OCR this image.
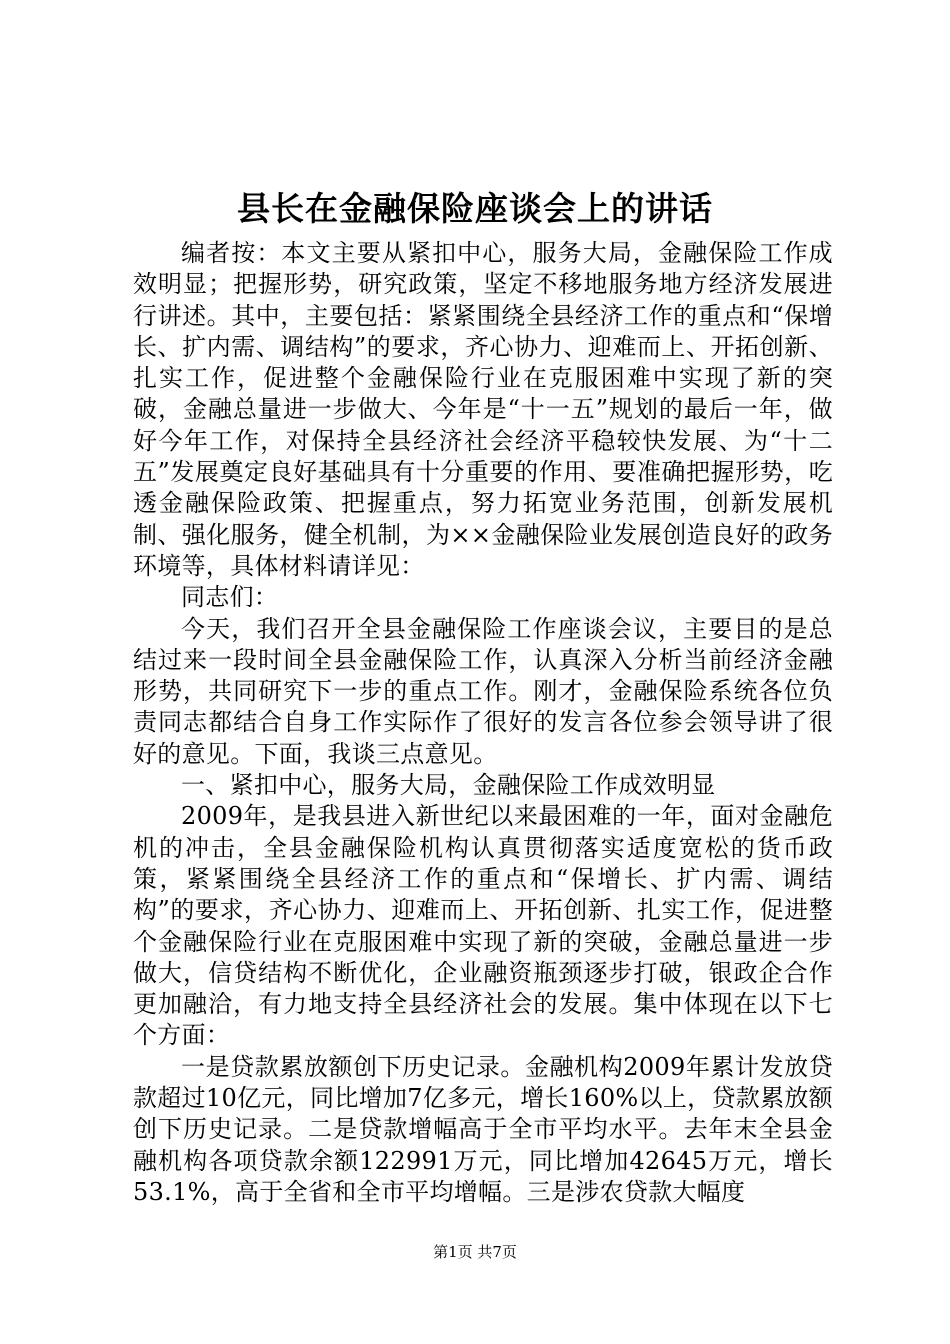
县长在金融保险座谈会上的讲话

编者按：本文主要从紧扣中心，服务大局，金融保险工作成效明显；把握形势，研究政策，坚定不移地服务地方经济发展进行讲述。其中，主要包括：紧紧围绕全县经济工作的重点和“保增长、扩内需、调结构”的要求，齐心协力、迎难而上、开拓创新、扎实工作，促进整个金融保险行业在克服困难中实现了新的突破，金融总量进一步做大、今年是“十一五”规划的最后一年，做好今年工作，对保持全县经济社会经济平稳较快发展、为“十二五”发展奠定良好基础具有十分重要的作用、要准确把握形势，吃透金融保险政策、把握重点，努力拓宽业务范围，创新发展机制、强化服务，健全机制，为××金融保险业发展创造良好的政务环境等，具体材料请详见：

同志们：

今天，我们召开全县金融保险工作座谈会议，主要目的是总结过来一段时间全县金融保险工作，认真深入分析当前经济金融形势，共同研究下一步的重点工作。刚才，金融保险系统各位负责同志都结合自身工作实际作了很好的发言各位参会领导讲了很好的意见。下面，我谈三点意见。

一、紧扣中心，服务大局，金融保险工作成效明显

2009年，是我县进入新世纪以来最困难的一年，面对金融危机的冲击，全县金融保险机构认真贯彻落实适度宽松的货币政策，紧紧围绕全县经济工作的重点和“保增长、扩内需、调结构”的要求，齐心协力、迎难而上、开拓创新、扎实工作，促进整个金融保险行业在克服困难中实现了新的突破，金融总量进一步做大，信贷结构不断优化，企业融资瓶颈逐步打破，银政企合作更加融洽，有力地支持全县经济社会的发展。集中体现在以下七个方面：

一是贷款累放额创下历史记录。金融机构2009年累计发放贷款超过10亿元，同比增加7亿多元，增长160%以上，贷款累放额创下历史记录。二是贷款增幅高于全市平均水平。去年末全县金融机构各项贷款余额122991万元，同比增加42645万元，增长53.1%，高于全省和全市平均增幅。三是涉农贷款大幅度

第1页 共7页
